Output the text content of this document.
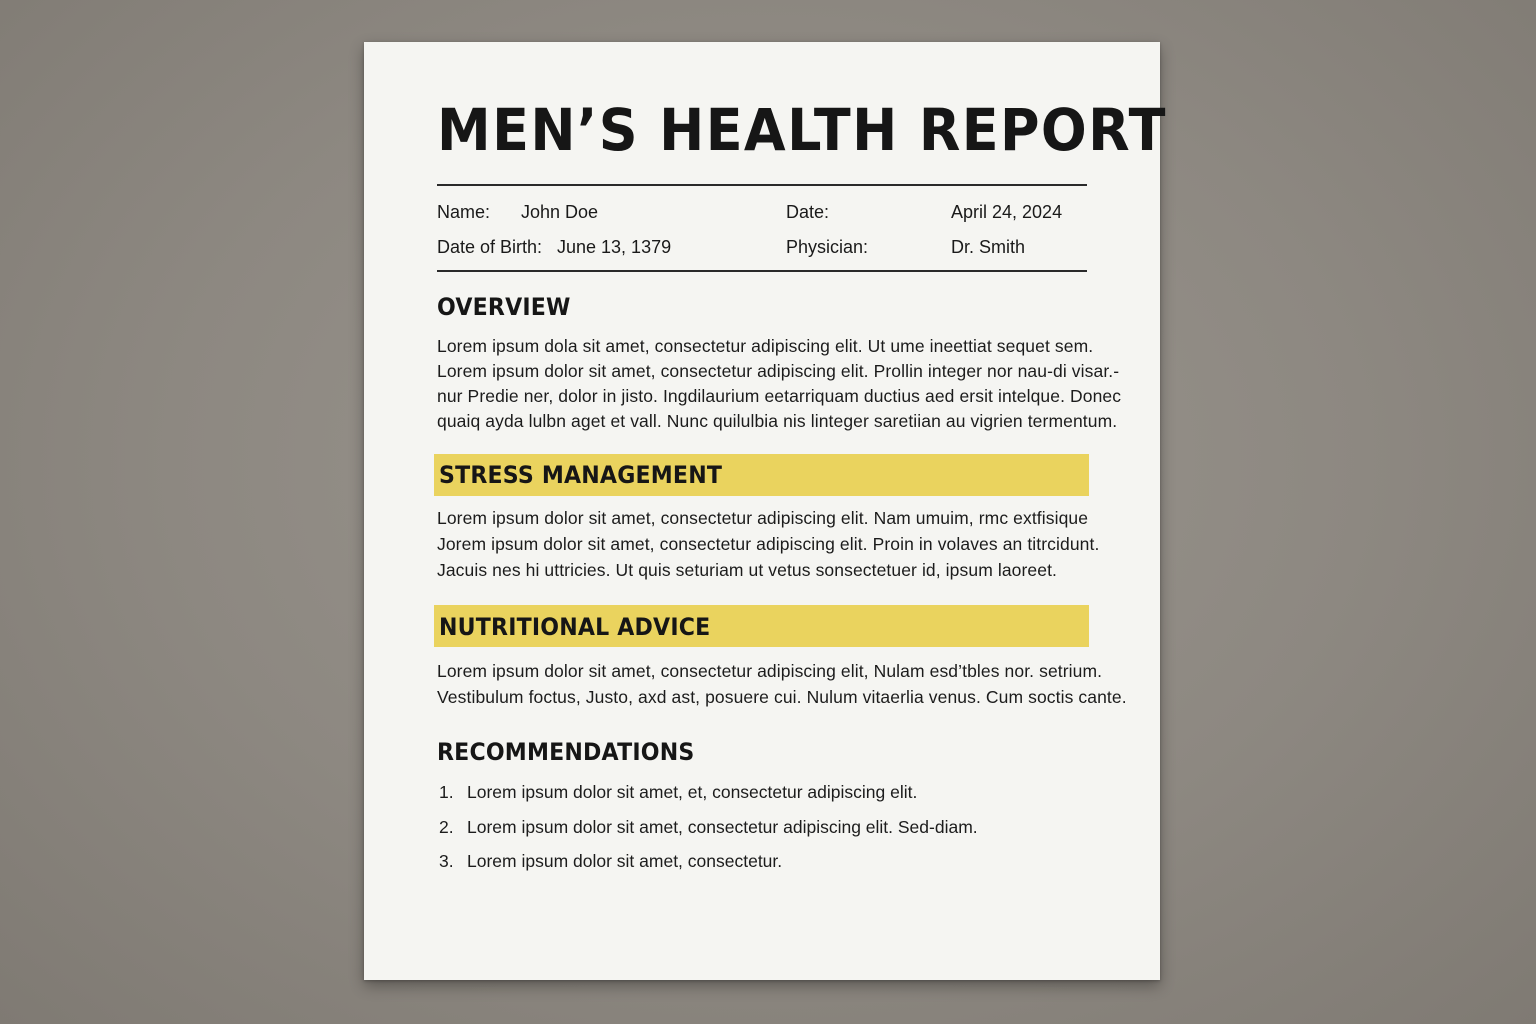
MEN’S HEALTH REPORT
Name: John Doe	Date:	April 24, 2024
Date of Birth: June 13, 1379	Physician:	Dr. Smith
OVERVIEW

Lorem ipsum dola sit amet, consectetur adipiscing elit. Ut ume ineettiat sequet sem.

Lorem ipsum dolor sit amet, consectetur adipiscing elit. Prollin integer nor nau-di visar.-

nur Predie ner, dolor in jisto. Ingdilaurium eetarriquam ductius aed ersit intelque. Donec

quaiq ayda lulbn aget et vall. Nunc quilulbia nis linteger saretiian au vigrien termentum.

STRESS MANAGEMENT

Lorem ipsum dolor sit amet, consectetur adipiscing elit. Nam umuim, rmc extfisique

Jorem ipsum dolor sit amet, consectetur adipiscing elit. Proin in volaves an titrcidunt.

Jacuis nes hi uttricies. Ut quis seturiam ut vetus sonsectetuer id, ipsum laoreet.

NUTRITIONAL ADVICE

Lorem ipsum dolor sit amet, consectetur adipiscing elit, Nulam esd’tbles nor. setrium.

Vestibulum foctus, Justo, axd ast, posuere cui. Nulum vitaerlia venus. Cum soctis cante.

RECOMMENDATIONS
1. Lorem ipsum dolor sit amet, et, consectetur adipiscing elit.
2. Lorem ipsum dolor sit amet, consectetur adipiscing elit. Sed-diam.
3. Lorem ipsum dolor sit amet, consectetur.
